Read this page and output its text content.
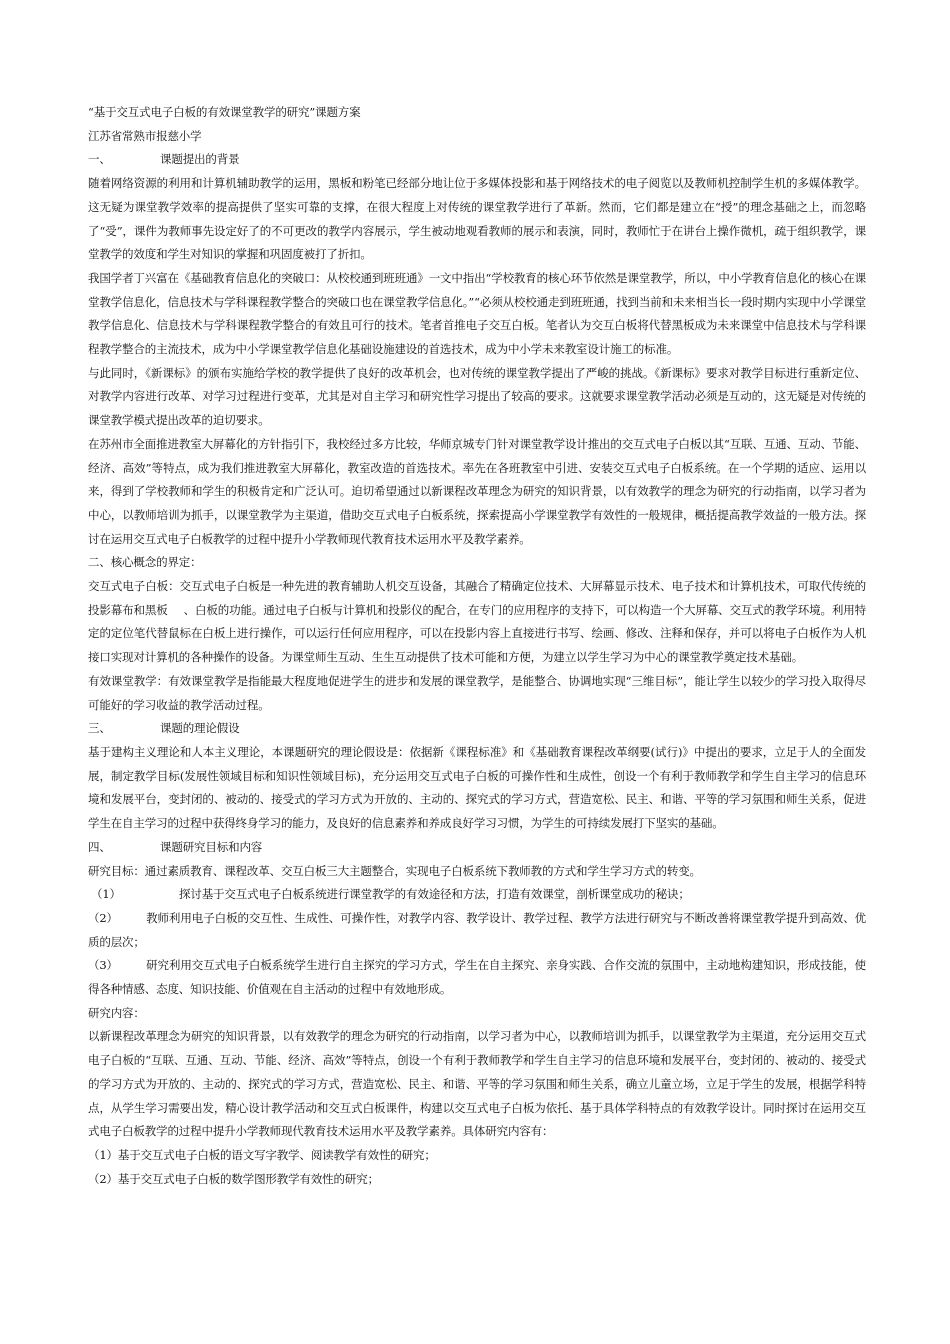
“基于交互式电子白板的有效课堂教学的研究”课题方案

江苏省常熟市报慈小学

一、	课题提出的背景

随着网络资源的利用和计算机辅助教学的运用，黑板和粉笔已经部分地让位于多媒体投影和基于网络技术的电子阅览以及教师机控制学生机的多媒体教学。这无疑为课堂教学效率的提高提供了坚实可靠的支撑，在很大程度上对传统的课堂教学进行了革新。然而，它们都是建立在“授”的理念基础之上，而忽略了“受”，课件为教师事先设定好了的不可更改的教学内容展示，学生被动地观看教师的展示和表演，同时，教师忙于在讲台上操作微机，疏于组织教学，课堂教学的效度和学生对知识的掌握和巩固度被打了折扣。

我国学者丁兴富在《基础教育信息化的突破口：从校校通到班班通》一文中指出“学校教育的核心环节依然是课堂教学，所以，中小学教育信息化的核心在课堂教学信息化，信息技术与学科课程教学整合的突破口也在课堂教学信息化。”“必须从校校通走到班班通，找到当前和未来相当长一段时期内实现中小学课堂教学信息化、信息技术与学科课程教学整合的有效且可行的技术。笔者首推电子交互白板。笔者认为交互白板将代替黑板成为未来课堂中信息技术与学科课程教学整合的主流技术，成为中小学课堂教学信息化基础设施建设的首选技术，成为中小学未来教室设计施工的标准。

与此同时，《新课标》的颁布实施给学校的教学提供了良好的改革机会，也对传统的课堂教学提出了严峻的挑战。《新课标》要求对教学目标进行重新定位、对教学内容进行改革、对学习过程进行变革，尤其是对自主学习和研究性学习提出了较高的要求。这就要求课堂教学活动必须是互动的，这无疑是对传统的课堂教学模式提出改革的迫切要求。

在苏州市全面推进教室大屏幕化的方针指引下，我校经过多方比较，华师京城专门针对课堂教学设计推出的交互式电子白板以其“互联、互通、互动、节能、经济、高效”等特点，成为我们推进教室大屏幕化，教室改造的首选技术。率先在各班教室中引进、安装交互式电子白板系统。在一个学期的适应、运用以来，得到了学校教师和学生的积极肯定和广泛认可。迫切希望通过以新课程改革理念为研究的知识背景，以有效教学的理念为研究的行动指南，以学习者为中心，以教师培训为抓手，以课堂教学为主渠道，借助交互式电子白板系统，探索提高小学课堂教学有效性的一般规律，概括提高教学效益的一般方法。探讨在运用交互式电子白板教学的过程中提升小学教师现代教育技术运用水平及教学素养。

二、核心概念的界定：

交互式电子白板：交互式电子白板是一种先进的教育辅助人机交互设备，其融合了精确定位技术、大屏幕显示技术、电子技术和计算机技术，可取代传统的投影幕布和黑板 、白板的功能。通过电子白板与计算机和投影仪的配合，在专门的应用程序的支持下，可以构造一个大屏幕、交互式的教学环境。利用特定的定位笔代替鼠标在白板上进行操作，可以运行任何应用程序，可以在投影内容上直接进行书写、绘画、修改、注释和保存，并可以将电子白板作为人机接口实现对计算机的各种操作的设备。为课堂师生互动、生生互动提供了技术可能和方便，为建立以学生学习为中心的课堂教学奠定技术基础。

有效课堂教学：有效课堂教学是指能最大程度地促进学生的进步和发展的课堂教学，是能整合、协调地实现“三维目标”，能让学生以较少的学习投入取得尽可能好的学习收益的教学活动过程。

三、	课题的理论假设

基于建构主义理论和人本主义理论，本课题研究的理论假设是：依据新《课程标准》和《基础教育课程改革纲要(试行)》中提出的要求，立足于人的全面发展，制定教学目标(发展性领域目标和知识性领域目标)，充分运用交互式电子白板的可操作性和生成性，创设一个有利于教师教学和学生自主学习的信息环境和发展平台，变封闭的、被动的、接受式的学习方式为开放的、主动的、探究式的学习方式，营造宽松、民主、和谐、平等的学习氛围和师生关系，促进学生在自主学习的过程中获得终身学习的能力，及良好的信息素养和养成良好学习习惯，为学生的可持续发展打下坚实的基础。

四、	课题研究目标和内容

研究目标：通过素质教育、课程改革、交互白板三大主题整合，实现电子白板系统下教师教的方式和学生学习方式的转变。

（1）	探讨基于交互式电子白板系统进行课堂教学的有效途径和方法，打造有效课堂，剖析课堂成功的秘诀；

（2） 教师利用电子白板的交互性、生成性、可操作性，对教学内容、教学设计、教学过程、教学方法进行研究与不断改善将课堂教学提升到高效、优质的层次；

（3） 研究利用交互式电子白板系统学生进行自主探究的学习方式，学生在自主探究、亲身实践、合作交流的氛围中，主动地构建知识，形成技能，使得各种情感、态度、知识技能、价值观在自主活动的过程中有效地形成。

研究内容：

以新课程改革理念为研究的知识背景，以有效教学的理念为研究的行动指南，以学习者为中心，以教师培训为抓手，以课堂教学为主渠道，充分运用交互式电子白板的“互联、互通、互动、节能、经济、高效”等特点，创设一个有利于教师教学和学生自主学习的信息环境和发展平台，变封闭的、被动的、接受式的学习方式为开放的、主动的、探究式的学习方式，营造宽松、民主、和谐、平等的学习氛围和师生关系，确立儿童立场，立足于学生的发展，根据学科特点，从学生学习需要出发，精心设计教学活动和交互式白板课件，构建以交互式电子白板为依托、基于具体学科特点的有效教学设计。同时探讨在运用交互式电子白板教学的过程中提升小学教师现代教育技术运用水平及教学素养。具体研究内容有：

（1）基于交互式电子白板的语文写字教学、阅读教学有效性的研究；

（2）基于交互式电子白板的数学图形教学有效性的研究；
